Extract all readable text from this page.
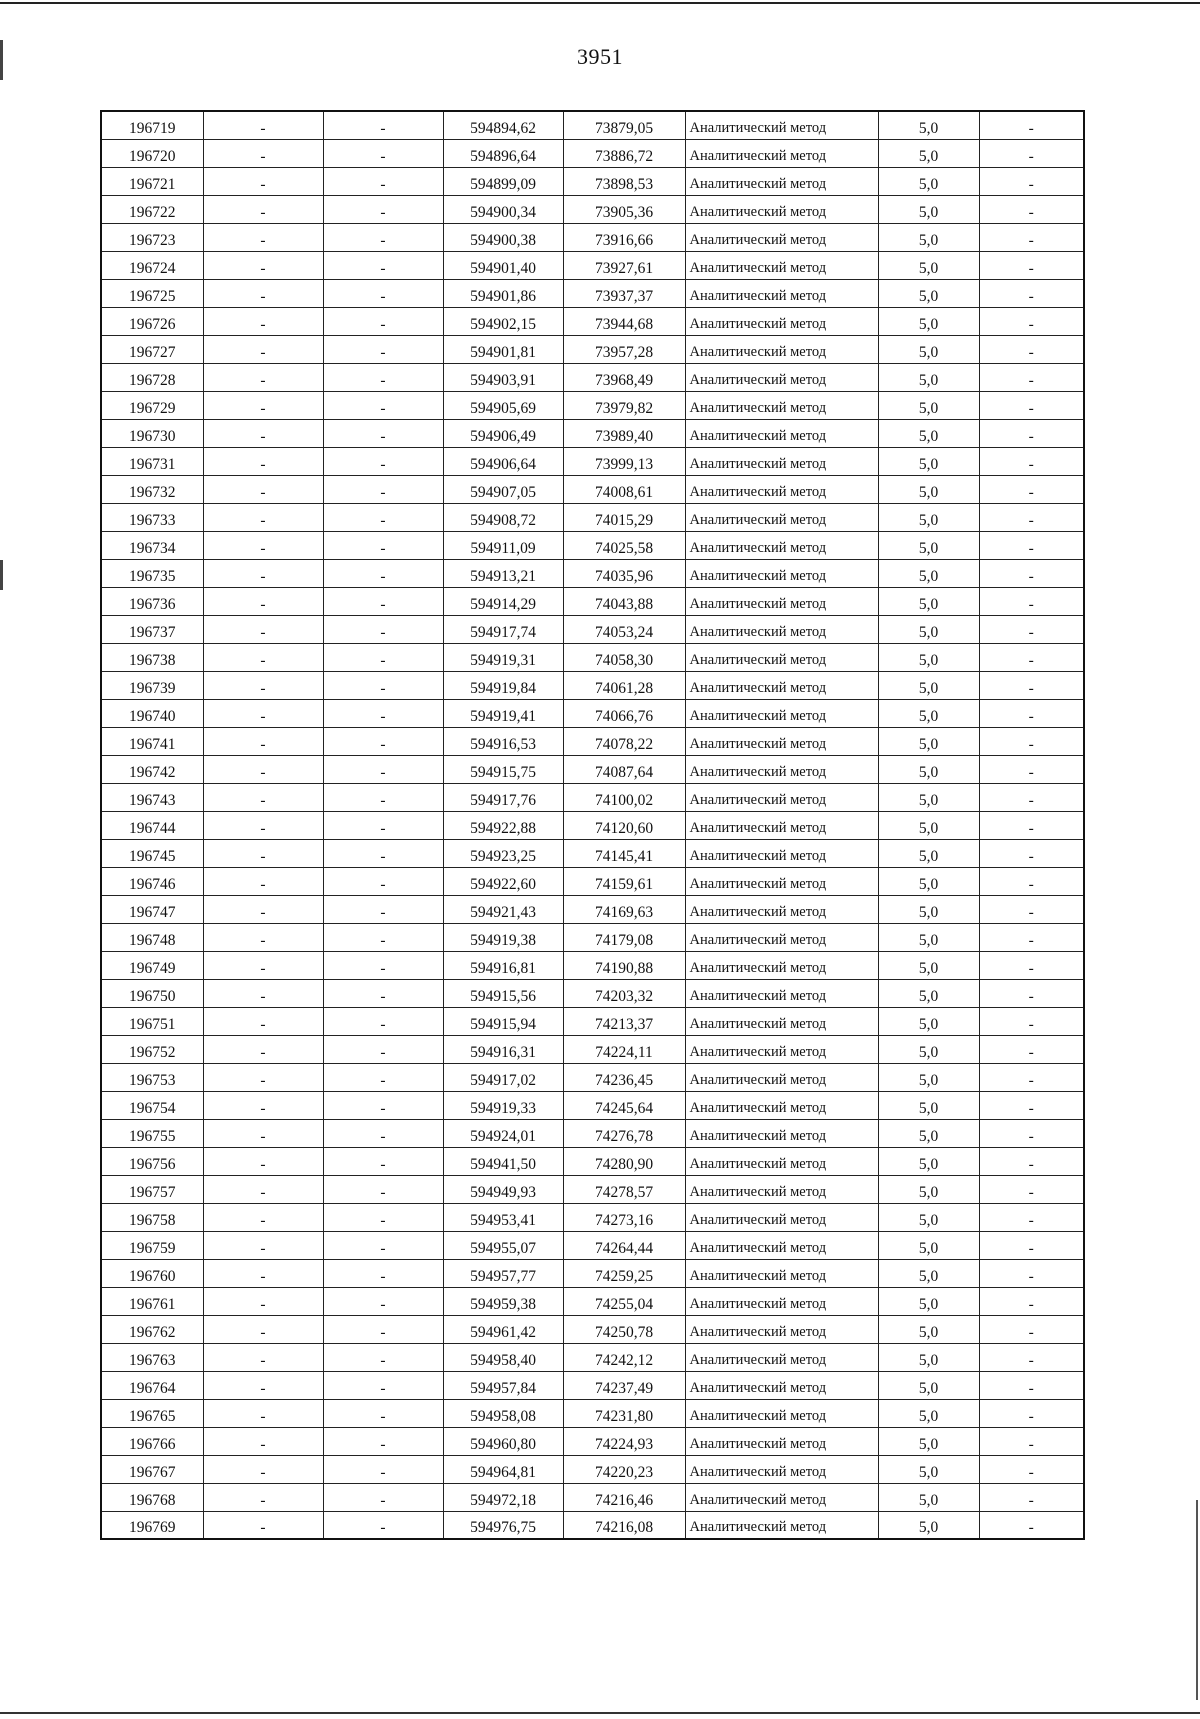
3951
196719	-	-	594894,62	73879,05	Аналитический метод	5,0	-
196720	-	-	594896,64	73886,72	Аналитический метод	5,0	-
196721	-	-	594899,09	73898,53	Аналитический метод	5,0	-
196722	-	-	594900,34	73905,36	Аналитический метод	5,0	-
196723	-	-	594900,38	73916,66	Аналитический метод	5,0	-
196724	-	-	594901,40	73927,61	Аналитический метод	5,0	-
196725	-	-	594901,86	73937,37	Аналитический метод	5,0	-
196726	-	-	594902,15	73944,68	Аналитический метод	5,0	-
196727	-	-	594901,81	73957,28	Аналитический метод	5,0	-
196728	-	-	594903,91	73968,49	Аналитический метод	5,0	-
196729	-	-	594905,69	73979,82	Аналитический метод	5,0	-
196730	-	-	594906,49	73989,40	Аналитический метод	5,0	-
196731	-	-	594906,64	73999,13	Аналитический метод	5,0	-
196732	-	-	594907,05	74008,61	Аналитический метод	5,0	-
196733	-	-	594908,72	74015,29	Аналитический метод	5,0	-
196734	-	-	594911,09	74025,58	Аналитический метод	5,0	-
196735	-	-	594913,21	74035,96	Аналитический метод	5,0	-
196736	-	-	594914,29	74043,88	Аналитический метод	5,0	-
196737	-	-	594917,74	74053,24	Аналитический метод	5,0	-
196738	-	-	594919,31	74058,30	Аналитический метод	5,0	-
196739	-	-	594919,84	74061,28	Аналитический метод	5,0	-
196740	-	-	594919,41	74066,76	Аналитический метод	5,0	-
196741	-	-	594916,53	74078,22	Аналитический метод	5,0	-
196742	-	-	594915,75	74087,64	Аналитический метод	5,0	-
196743	-	-	594917,76	74100,02	Аналитический метод	5,0	-
196744	-	-	594922,88	74120,60	Аналитический метод	5,0	-
196745	-	-	594923,25	74145,41	Аналитический метод	5,0	-
196746	-	-	594922,60	74159,61	Аналитический метод	5,0	-
196747	-	-	594921,43	74169,63	Аналитический метод	5,0	-
196748	-	-	594919,38	74179,08	Аналитический метод	5,0	-
196749	-	-	594916,81	74190,88	Аналитический метод	5,0	-
196750	-	-	594915,56	74203,32	Аналитический метод	5,0	-
196751	-	-	594915,94	74213,37	Аналитический метод	5,0	-
196752	-	-	594916,31	74224,11	Аналитический метод	5,0	-
196753	-	-	594917,02	74236,45	Аналитический метод	5,0	-
196754	-	-	594919,33	74245,64	Аналитический метод	5,0	-
196755	-	-	594924,01	74276,78	Аналитический метод	5,0	-
196756	-	-	594941,50	74280,90	Аналитический метод	5,0	-
196757	-	-	594949,93	74278,57	Аналитический метод	5,0	-
196758	-	-	594953,41	74273,16	Аналитический метод	5,0	-
196759	-	-	594955,07	74264,44	Аналитический метод	5,0	-
196760	-	-	594957,77	74259,25	Аналитический метод	5,0	-
196761	-	-	594959,38	74255,04	Аналитический метод	5,0	-
196762	-	-	594961,42	74250,78	Аналитический метод	5,0	-
196763	-	-	594958,40	74242,12	Аналитический метод	5,0	-
196764	-	-	594957,84	74237,49	Аналитический метод	5,0	-
196765	-	-	594958,08	74231,80	Аналитический метод	5,0	-
196766	-	-	594960,80	74224,93	Аналитический метод	5,0	-
196767	-	-	594964,81	74220,23	Аналитический метод	5,0	-
196768	-	-	594972,18	74216,46	Аналитический метод	5,0	-
196769	-	-	594976,75	74216,08	Аналитический метод	5,0	-
